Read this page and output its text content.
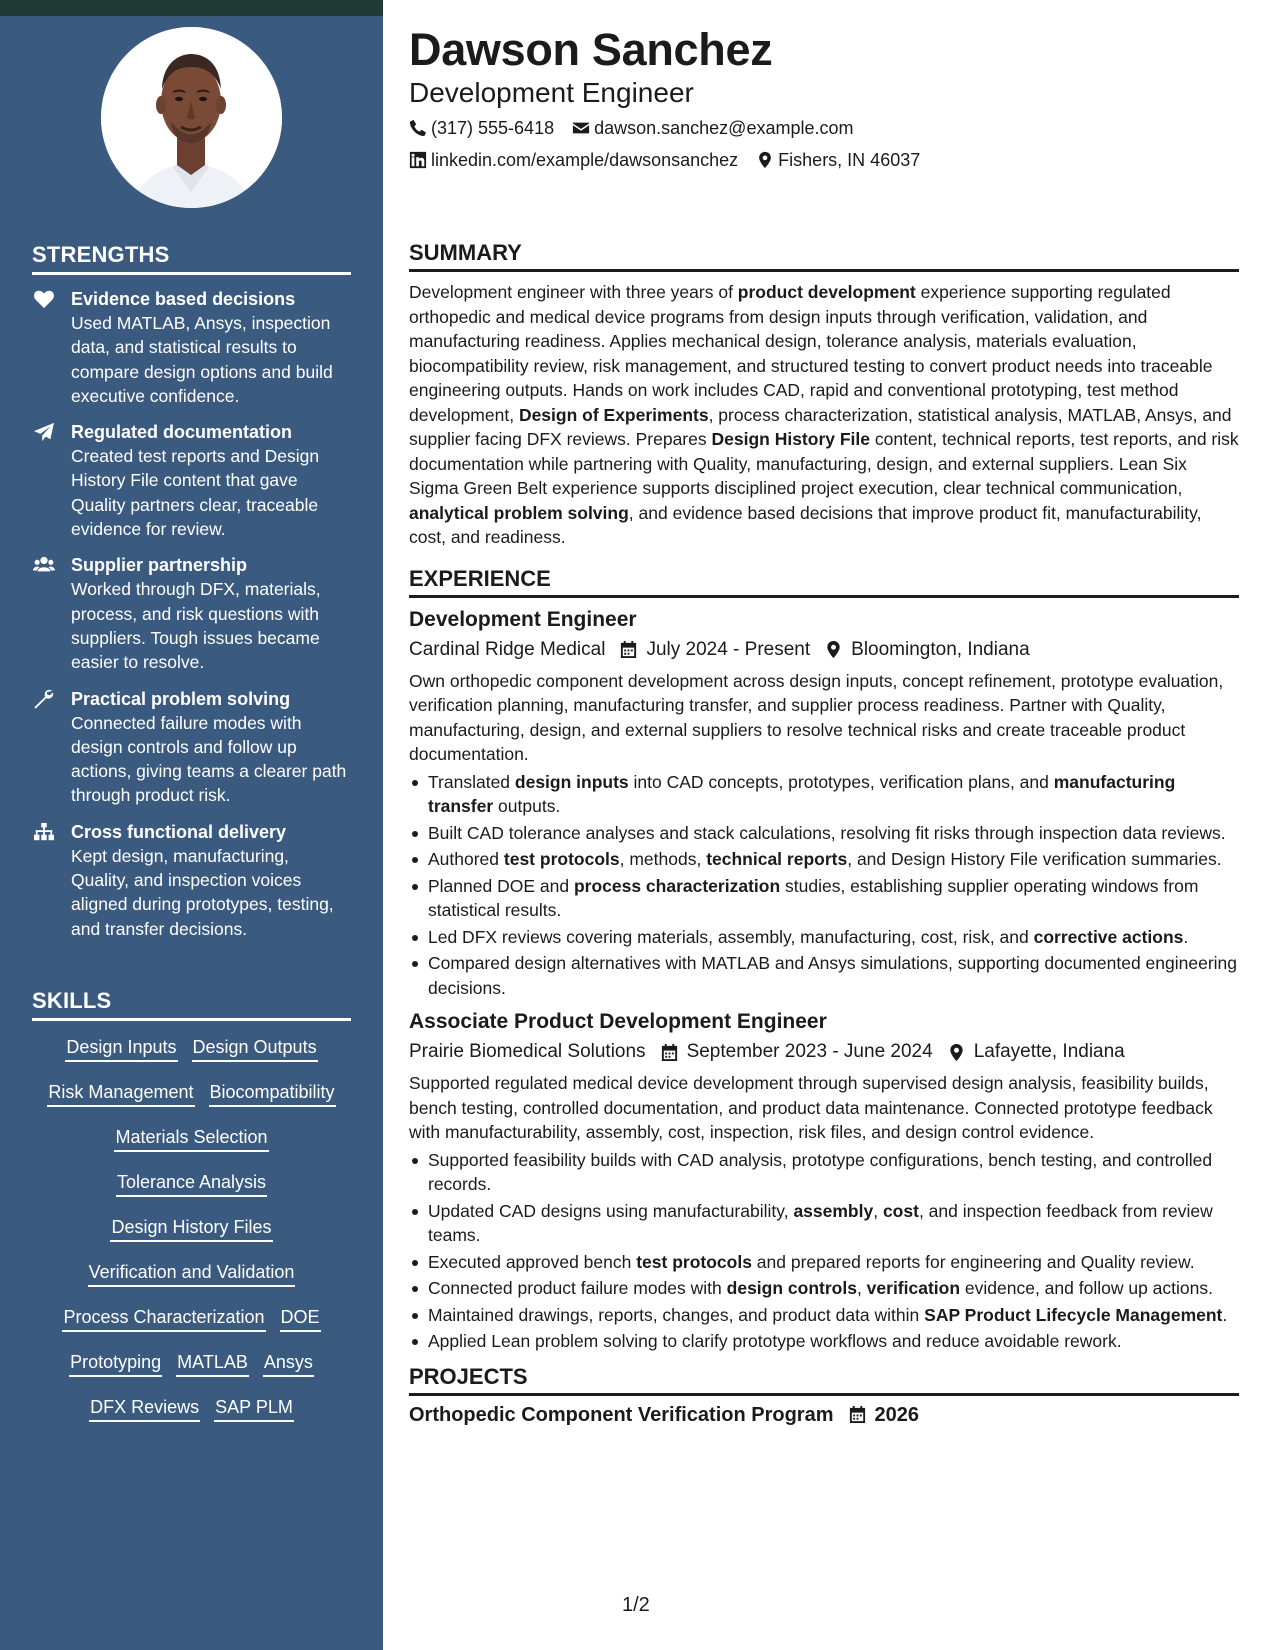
STRENGTHS
Evidence based decisions
Used MATLAB, Ansys, inspection data, and statistical results to compare design options and build executive confidence.
Regulated documentation
Created test reports and Design History File content that gave Quality partners clear, traceable evidence for review.
Supplier partnership
Worked through DFX, materials, process, and risk questions with suppliers. Tough issues became easier to resolve.
Practical problem solving
Connected failure modes with design controls and follow up actions, giving teams a clearer path through product risk.
Cross functional delivery
Kept design, manufacturing, Quality, and inspection voices aligned during prototypes, testing, and transfer decisions.
SKILLS
Design Inputs Design Outputs
Risk Management Biocompatibility
Materials Selection
Tolerance Analysis
Design History Files
Verification and Validation
Process Characterization DOE
Prototyping MATLAB Ansys
DFX Reviews SAP PLM
Dawson Sanchez
Development Engineer
(317) 555-6418 dawson.sanchez@example.com
linkedin.com/example/dawsonsanchez Fishers, IN 46037
SUMMARY

Development engineer with three years of product development experience supporting regulated orthopedic and medical device programs from design inputs through verification, validation, and manufacturing readiness. Applies mechanical design, tolerance analysis, materials evaluation, biocompatibility review, risk management, and structured testing to convert product needs into traceable engineering outputs. Hands on work includes CAD, rapid and conventional prototyping, test method development, Design of Experiments, process characterization, statistical analysis, MATLAB, Ansys, and supplier facing DFX reviews. Prepares Design History File content, technical reports, test reports, and risk documentation while partnering with Quality, manufacturing, design, and external suppliers. Lean Six Sigma Green Belt experience supports disciplined project execution, clear technical communication, analytical problem solving, and evidence based decisions that improve product fit, manufacturability, cost, and readiness.

EXPERIENCE
Development Engineer
Cardinal Ridge Medical July 2024 - Present Bloomington, Indiana

Own orthopedic component development across design inputs, concept refinement, prototype evaluation, verification planning, manufacturing transfer, and supplier process readiness. Partner with Quality, manufacturing, design, and external suppliers to resolve technical risks and create traceable product documentation.

Translated design inputs into CAD concepts, prototypes, verification plans, and manufacturing transfer outputs.
Built CAD tolerance analyses and stack calculations, resolving fit risks through inspection data reviews.
Authored test protocols, methods, technical reports, and Design History File verification summaries.
Planned DOE and process characterization studies, establishing supplier operating windows from statistical results.
Led DFX reviews covering materials, assembly, manufacturing, cost, risk, and corrective actions.
Compared design alternatives with MATLAB and Ansys simulations, supporting documented engineering decisions.
Associate Product Development Engineer
Prairie Biomedical Solutions September 2023 - June 2024 Lafayette, Indiana

Supported regulated medical device development through supervised design analysis, feasibility builds, bench testing, controlled documentation, and product data maintenance. Connected prototype feedback with manufacturability, assembly, cost, inspection, risk files, and design control evidence.

Supported feasibility builds with CAD analysis, prototype configurations, bench testing, and controlled records.
Updated CAD designs using manufacturability, assembly, cost, and inspection feedback from review teams.
Executed approved bench test protocols and prepared reports for engineering and Quality review.
Connected product failure modes with design controls, verification evidence, and follow up actions.
Maintained drawings, reports, changes, and product data within SAP Product Lifecycle Management.
Applied Lean problem solving to clarify prototype workflows and reduce avoidable rework.
PROJECTS
Orthopedic Component Verification Program 2026
1/2
